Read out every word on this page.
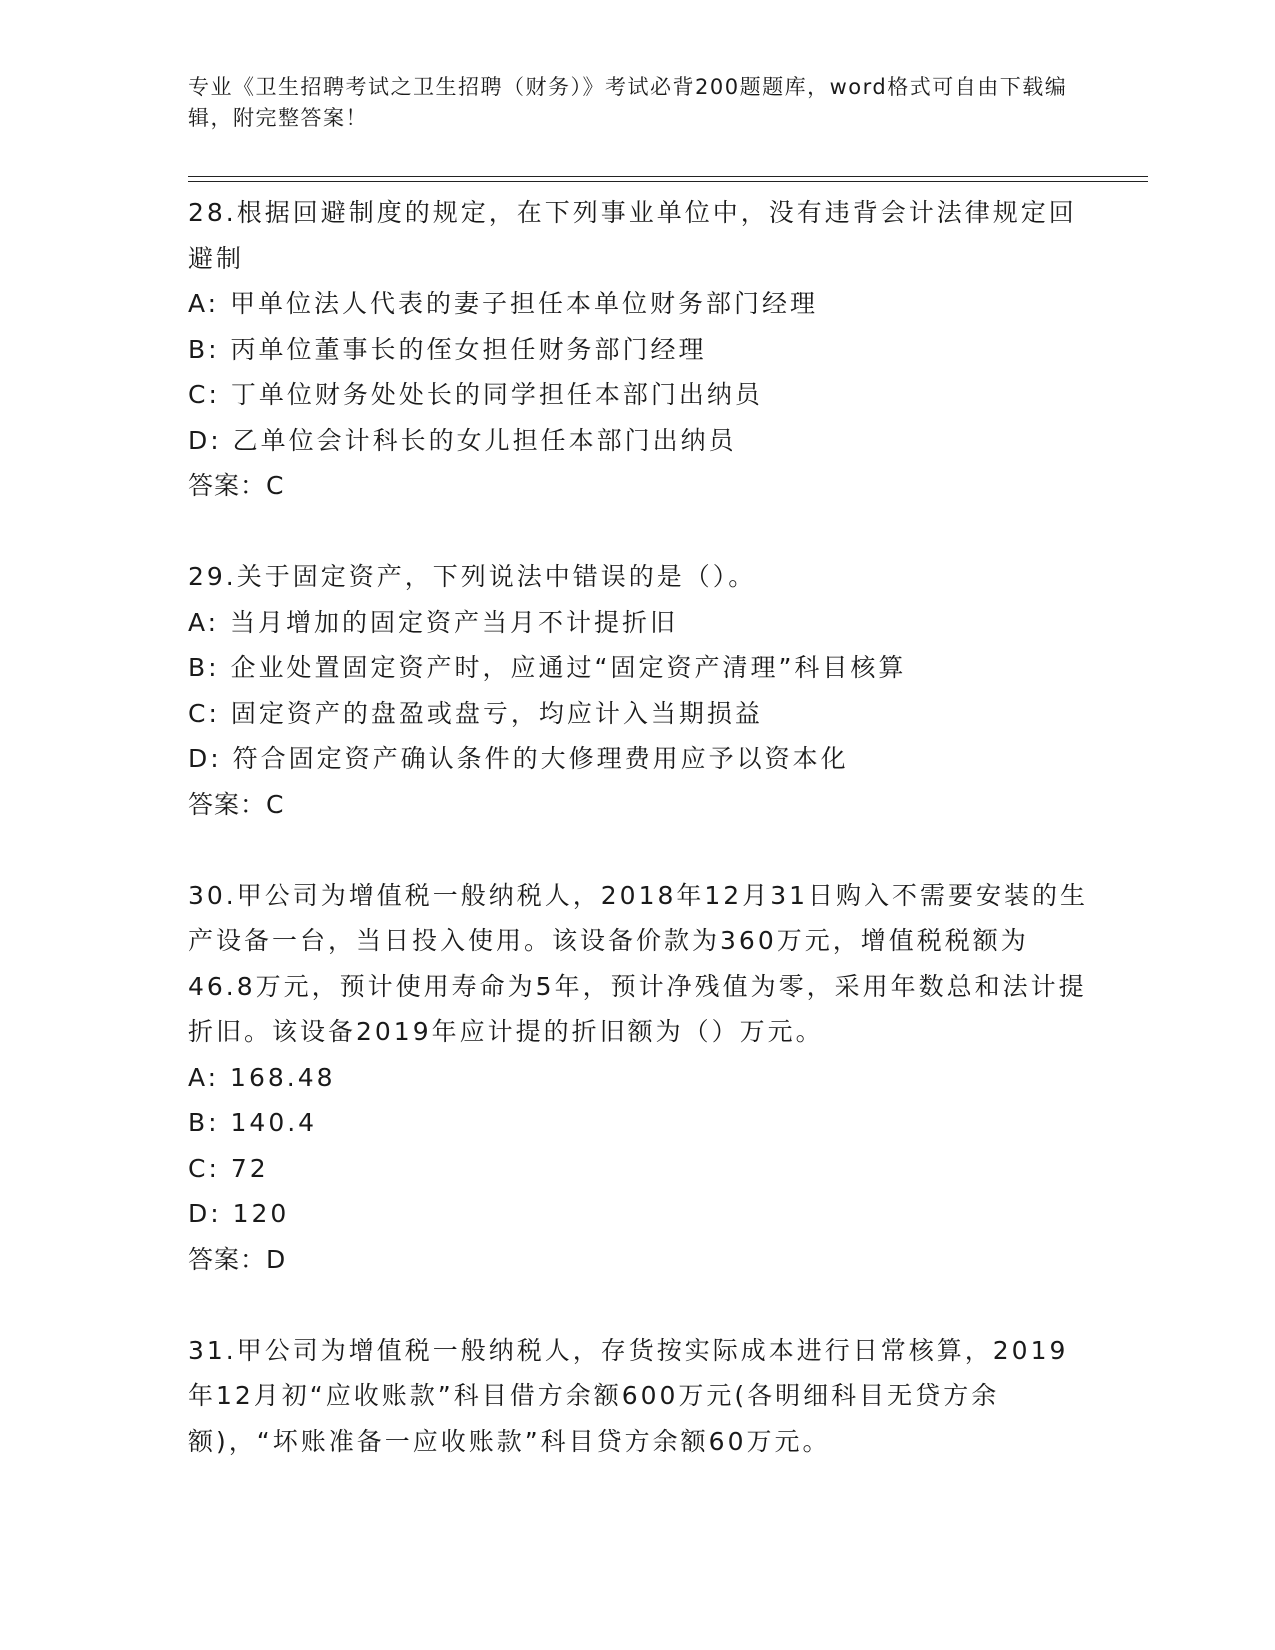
专业《卫生招聘考试之卫生招聘（财务）》考试必背200题题库，word格式可自由下载编辑，附完整答案！
28.根据回避制度的规定，在下列事业单位中，没有违背会计法律规定回避制
A: 甲单位法人代表的妻子担任本单位财务部门经理
B: 丙单位董事长的侄女担任财务部门经理
C: 丁单位财务处处长的同学担任本部门出纳员
D: 乙单位会计科长的女儿担任本部门出纳员
答案：C
29.关于固定资产，下列说法中错误的是（）。
A: 当月增加的固定资产当月不计提折旧
B: 企业处置固定资产时，应通过“固定资产清理”科目核算
C: 固定资产的盘盈或盘亏，均应计入当期损益
D: 符合固定资产确认条件的大修理费用应予以资本化
答案：C
30.甲公司为增值税一般纳税人，2018年12月31日购入不需要安装的生产设备一台，当日投入使用。该设备价款为360万元，增值税税额为46.8万元，预计使用寿命为5年，预计净残值为零，采用年数总和法计提折旧。该设备2019年应计提的折旧额为（）万元。
A: 168.48
B: 140.4
C: 72
D: 120
答案：D
31.甲公司为增值税一般纳税人，存货按实际成本进行日常核算，2019年12月初“应收账款”科目借方余额600万元(各明细科目无贷方余额)，“坏账准备一应收账款”科目贷方余额60万元。
